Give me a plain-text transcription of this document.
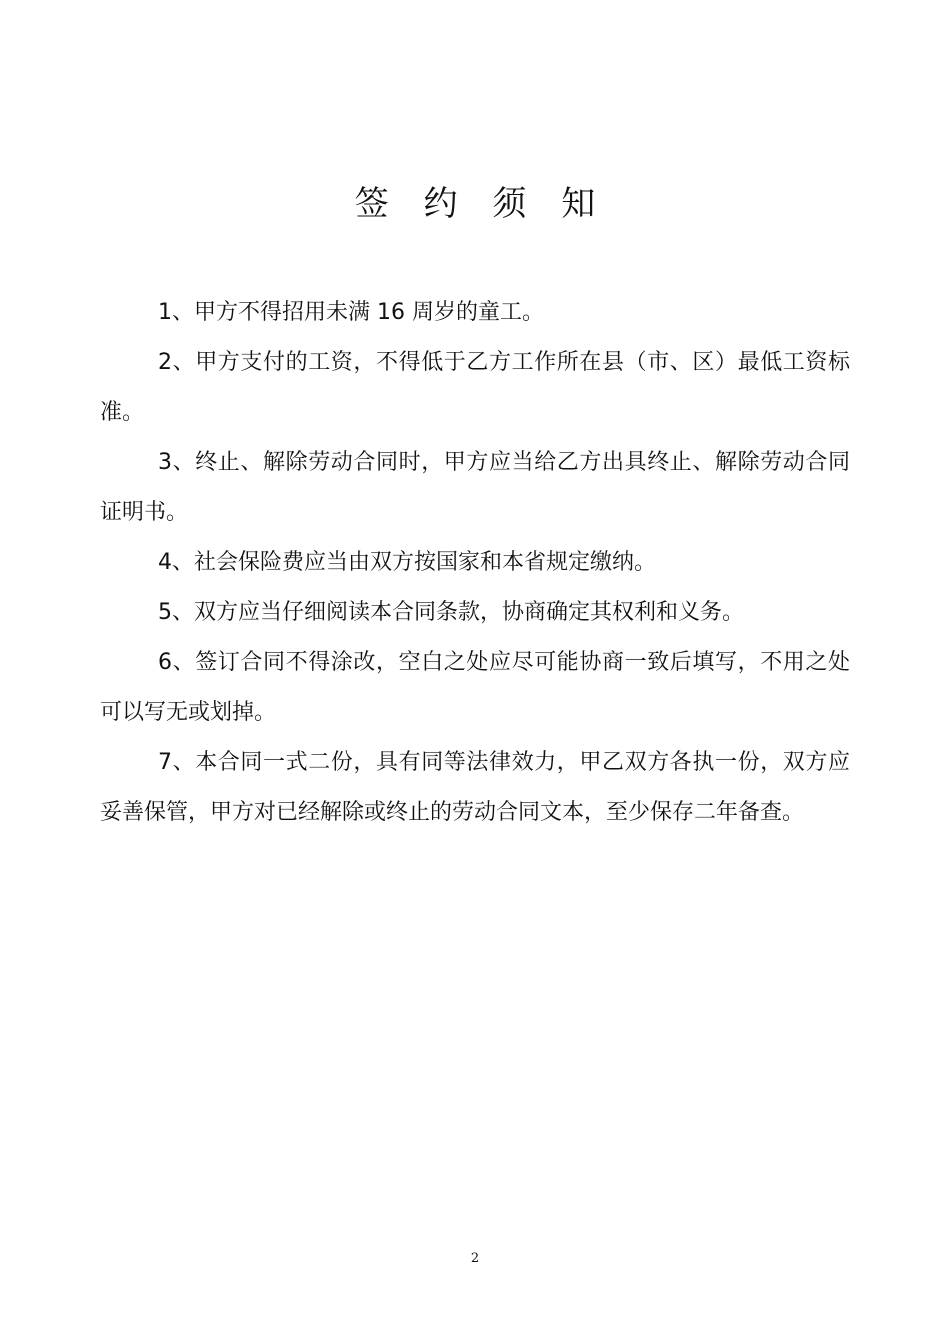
签 约 须 知
1、甲方不得招用未满 16 周岁的童工。
2、甲方支付的工资，不得低于乙方工作所在县（市、区）最低工资标准。
3、终止、解除劳动合同时，甲方应当给乙方出具终止、解除劳动合同证明书。
4、社会保险费应当由双方按国家和本省规定缴纳。
5、双方应当仔细阅读本合同条款，协商确定其权利和义务。
6、签订合同不得涂改，空白之处应尽可能协商一致后填写，不用之处可以写无或划掉。
7、本合同一式二份，具有同等法律效力，甲乙双方各执一份，双方应妥善保管，甲方对已经解除或终止的劳动合同文本，至少保存二年备查。
2
